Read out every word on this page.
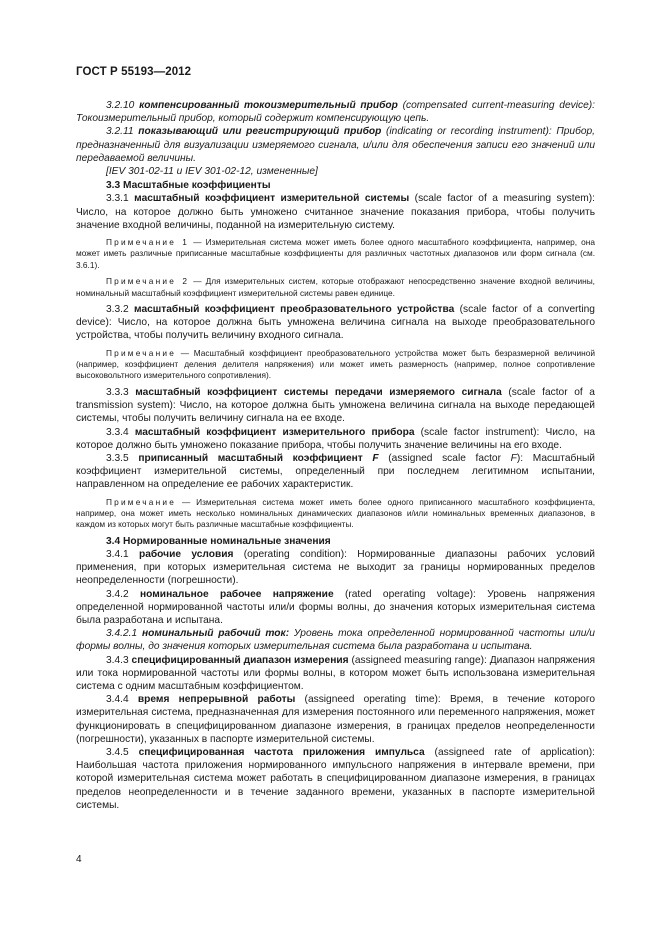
ГОСТ Р 55193—2012

3.2.10 компенсированный токоизмерительный прибор (compensated current-measuring device): Токоизмерительный прибор, который содержит компенсирующую цепь.

3.2.11 показывающий или регистрирующий прибор (indicating or recording instrument): Прибор, предназначенный для визуализации измеряемого сигнала, и/или для обеспечения записи его значений или передаваемой величины.

[IEV 301-02-11 и IEV 301-02-12, измененные]

3.3 Масштабные коэффициенты

3.3.1 масштабный коэффициент измерительной системы (scale factor of a measuring system): Число, на которое должно быть умножено считанное значение показания прибора, чтобы получить значение входной величины, поданной на измерительную систему.

Примечание 1 — Измерительная система может иметь более одного масштабного коэффициента, например, она может иметь различные приписанные масштабные коэффициенты для различных частотных диапазонов или форм сигнала (см. 3.6.1).

Примечание 2 — Для измерительных систем, которые отображают непосредственно значение входной величины, номинальный масштабный коэффициент измерительной системы равен единице.

3.3.2 масштабный коэффициент преобразовательного устройства (scale factor of a converting device): Число, на которое должна быть умножена величина сигнала на выходе преобразовательного устройства, чтобы получить величину входного сигнала.

Примечание — Масштабный коэффициент преобразовательного устройства может быть безразмерной величиной (например, коэффициент деления делителя напряжения) или может иметь размерность (например, полное сопротивление высоковольтного измерительного сопротивления).

3.3.3 масштабный коэффициент системы передачи измеряемого сигнала (scale factor of a transmission system): Число, на которое должна быть умножена величина сигнала на выходе передающей системы, чтобы получить величину сигнала на ее входе.

3.3.4 масштабный коэффициент измерительного прибора (scale factor instrument): Число, на которое должно быть умножено показание прибора, чтобы получить значение величины на его входе.

3.3.5 приписанный масштабный коэффициент F (assigned scale factor F): Масштабный коэффициент измерительной системы, определенный при последнем легитимном испытании, направленном на определение ее рабочих характеристик.

Примечание — Измерительная система может иметь более одного приписанного масштабного коэффициента, например, она может иметь несколько номинальных динамических диапазонов и/или номинальных временных диапазонов, в каждом из которых могут быть различные масштабные коэффициенты.

3.4 Нормированные номинальные значения

3.4.1 рабочие условия (operating condition): Нормированные диапазоны рабочих условий применения, при которых измерительная система не выходит за границы нормированных пределов неопределенности (погрешности).

3.4.2 номинальное рабочее напряжение (rated operating voltage): Уровень напряжения определенной нормированной частоты или/и формы волны, до значения которых измерительная система была разработана и испытана.

3.4.2.1 номинальный рабочий ток: Уровень тока определенной нормированной частоты или/и формы волны, до значения которых измерительная система была разработана и испытана.

3.4.3 специфицированный диапазон измерения (assigneed measuring range): Диапазон напряжения или тока нормированной частоты или формы волны, в котором может быть использована измерительная система с одним масштабным коэффициентом.

3.4.4 время непрерывной работы (assigneed operating time): Время, в течение которого измерительная система, предназначенная для измерения постоянного или переменного напряжения, может функционировать в специфицированном диапазоне измерения, в границах пределов неопределенности (погрешности), указанных в паспорте измерительной системы.

3.4.5 специфицированная частота приложения импульса (assigneed rate of application): Наибольшая частота приложения нормированного импульсного напряжения в интервале времени, при которой измерительная система может работать в специфицированном диапазоне измерения, в границах пределов неопределенности и в течение заданного времени, указанных в паспорте измерительной системы.

4
